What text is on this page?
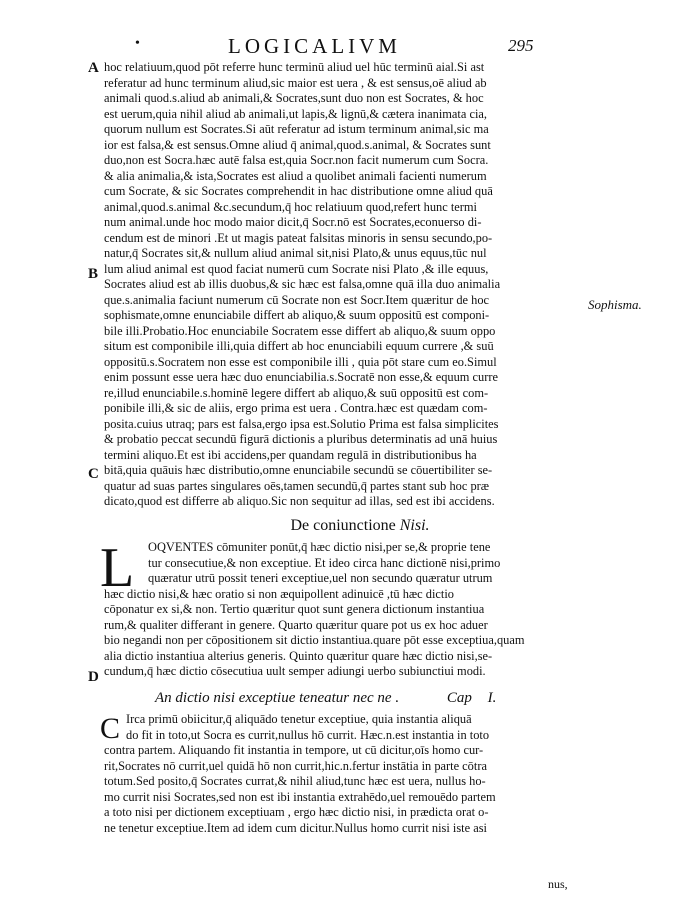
•	LOGICALIVM	295
A
B
C
D
Sophisma.
hoc relatiuum,quod pōt referre hunc terminū aliud uel hūc terminū aial.Si ast
referatur ad hunc terminum aliud,sic maior est uera , & est sensus,oē aliud ab
animali quod.s.aliud ab animali,& Socrates,sunt duo non est Socrates, & hoc
est uerum,quia nihil aliud ab animali,ut lapis,& lignū,& cætera inanimata cia,
quorum nullum est Socrates.Si aūt referatur ad istum terminum animal,sic ma
ior est falsa,& est sensus.Omne aliud q̄ animal,quod.s.animal, & Socrates sunt
duo,non est Socra.hæc autē falsa est,quia Socr.non facit numerum cum Socra.
& alia animalia,& ista,Socrates est aliud a quolibet animali facienti numerum
cum Socrate, & sic Socrates comprehendit in hac distributione omne aliud quā
animal,quod.s.animal &c.secundum,q̄ hoc relatiuum quod,refert hunc termi
num animal.unde hoc modo maior dicit,q̄ Socr.nō est Socrates,econuerso di-
cendum est de minori .Et ut magis pateat falsitas minoris in sensu secundo,po-
natur,q̄ Socrates sit,& nullum aliud animal sit,nisi Plato,& unus equus,tūc nul
lum aliud animal est quod faciat numerū cum Socrate nisi Plato ,& ille equus,
Socrates aliud est ab illis duobus,& sic hæc est falsa,omne quā illa duo animalia
que.s.animalia faciunt numerum cū Socrate non est Socr.Item quæritur de hoc
sophismate,omne enunciabile differt ab aliquo,& suum oppositū est componi-
bile illi.Probatio.Hoc enunciabile Socratem esse differt ab aliquo,& suum oppo
situm est componibile illi,quia differt ab hoc enunciabili equum currere ,& suū
oppositū.s.Socratem non esse est componibile illi , quia pōt stare cum eo.Simul
enim possunt esse uera hæc duo enunciabilia.s.Socratē non esse,& equum curre
re,illud enunciabile.s.hominē legere differt ab aliquo,& suū oppositū est com-
ponibile illi,& sic de aliis, ergo prima est uera . Contra.hæc est quædam com-
posita.cuius utraq; pars est falsa,ergo ipsa est.Solutio Prima est falsa simplicites
& probatio peccat secundū figurā dictionis a pluribus determinatis ad unā huius
termini aliquo.Et est ibi accidens,per quandam regulā in distributionibus ha
bitā,quia quāuis hæc distributio,omne enunciabile secundū se cōuertibiliter se-
quatur ad suas partes singulares oēs,tamen secundū,q̄ partes stant sub hoc præ
dicato,quod est differre ab aliquo.Sic non sequitur ad illas, sed est ibi accidens.
De coniunctione Nisi.
L	OQVENTES cōmuniter ponūt,q̄ hæc dictio nisi,per se,& proprie tene
tur consecutiue,& non exceptiue. Et ideo circa hanc dictionē nisi,primo
quæratur utrū possit teneri exceptiue,uel non secundo quæratur utrum
hæc dictio nisi,& hæc oratio si non æquipollent adinuicē ,tū hæc dictio
cōponatur ex si,& non. Tertio quæritur quot sunt genera dictionum instantiua
rum,& qualiter differant in genere. Quarto quæritur quare pot us ex hoc aduer
bio negandi non per cōpositionem sit dictio instantiua.quare pōt esse exceptiua,quam
alia dictio instantiua alterius generis. Quinto quæritur quare hæc dictio nisi,se-
cundum,q̄ hæc dictio cōsecutiua uult semper adiungi uerbo subiunctiui modi.
An dictio nisi exceptiue teneatur nec ne .	Cap I.
C Irca primū obiicitur,q̄ aliquādo tenetur exceptiue, quia instantia aliquā
do fit in toto,ut Socra es currit,nullus hō currit. Hæc.n.est instantia in toto
contra partem. Aliquando fit instantia in tempore, ut cū dicitur,oīs homo cur-
rit,Socrates nō currit,uel quidā hō non currit,hic.n.fertur instātia in parte cōtra
totum.Sed posito,q̄ Socrates currat,& nihil aliud,tunc hæc est uera, nullus ho-
mo currit nisi Socrates,sed non est ibi instantia extrahēdo,uel remouēdo partem
a toto nisi per dictionem exceptiuam , ergo hæc dictio nisi, in prædicta orat o-
ne tenetur exceptiue.Item ad idem cum dicitur.Nullus homo currit nisi iste asi
nus,
